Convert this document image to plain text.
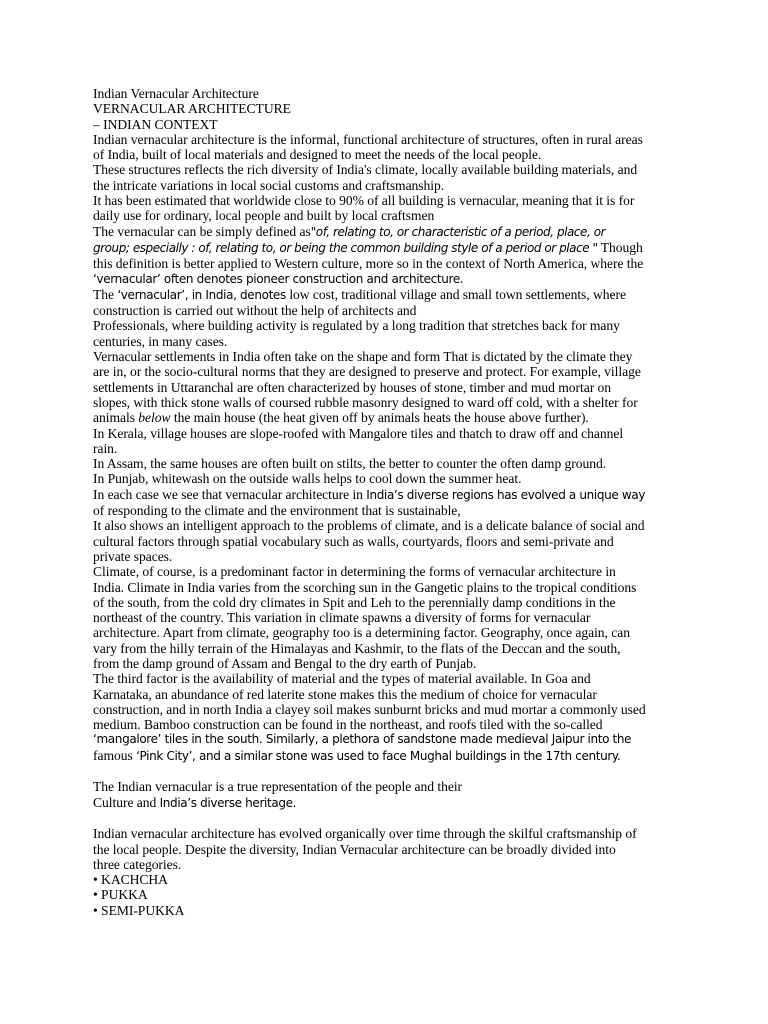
Indian Vernacular Architecture
VERNACULAR ARCHITECTURE
– INDIAN CONTEXT
Indian vernacular architecture is the informal, functional architecture of structures, often in rural areas
of India, built of local materials and designed to meet the needs of the local people.
These structures reflects the rich diversity of India's climate, locally available building materials, and
the intricate variations in local social customs and craftsmanship.
It has been estimated that worldwide close to 90% of all building is vernacular, meaning that it is for
daily use for ordinary, local people and built by local craftsmen
The vernacular can be simply defined as"of, relating to, or characteristic of a period, place, or
group; especially : of, relating to, or being the common building style of a period or place " Though
this definition is better applied to Western culture, more so in the context of North America, where the
‘vernacular’ often denotes pioneer construction and architecture.
The ‘vernacular’, in India, denotes low cost, traditional village and small town settlements, where
construction is carried out without the help of architects and
Professionals, where building activity is regulated by a long tradition that stretches back for many
centuries, in many cases.
Vernacular settlements in India often take on the shape and form That is dictated by the climate they
are in, or the socio-cultural norms that they are designed to preserve and protect. For example, village
settlements in Uttaranchal are often characterized by houses of stone, timber and mud mortar on
slopes, with thick stone walls of coursed rubble masonry designed to ward off cold, with a shelter for
animals below the main house (the heat given off by animals heats the house above further).
In Kerala, village houses are slope-roofed with Mangalore tiles and thatch to draw off and channel
rain.
In Assam, the same houses are often built on stilts, the better to counter the often damp ground.
In Punjab, whitewash on the outside walls helps to cool down the summer heat.
In each case we see that vernacular architecture in India’s diverse regions has evolved a unique way
of responding to the climate and the environment that is sustainable,
It also shows an intelligent approach to the problems of climate, and is a delicate balance of social and
cultural factors through spatial vocabulary such as walls, courtyards, floors and semi-private and
private spaces.
Climate, of course, is a predominant factor in determining the forms of vernacular architecture in
India. Climate in India varies from the scorching sun in the Gangetic plains to the tropical conditions
of the south, from the cold dry climates in Spit and Leh to the perennially damp conditions in the
northeast of the country. This variation in climate spawns a diversity of forms for vernacular
architecture. Apart from climate, geography too is a determining factor. Geography, once again, can
vary from the hilly terrain of the Himalayas and Kashmir, to the flats of the Deccan and the south,
from the damp ground of Assam and Bengal to the dry earth of Punjab.
The third factor is the availability of material and the types of material available. In Goa and
Karnataka, an abundance of red laterite stone makes this the medium of choice for vernacular
construction, and in north India a clayey soil makes sunburnt bricks and mud mortar a commonly used
medium. Bamboo construction can be found in the northeast, and roofs tiled with the so-called
‘mangalore’ tiles in the south. Similarly, a plethora of sandstone made medieval Jaipur into the
famous ‘Pink City’, and a similar stone was used to face Mughal buildings in the 17th century.
The Indian vernacular is a true representation of the people and their
Culture and India’s diverse heritage.
Indian vernacular architecture has evolved organically over time through the skilful craftsmanship of
the local people. Despite the diversity, Indian Vernacular architecture can be broadly divided into
three categories.
• KACHCHA
• PUKKA
• SEMI-PUKKA
